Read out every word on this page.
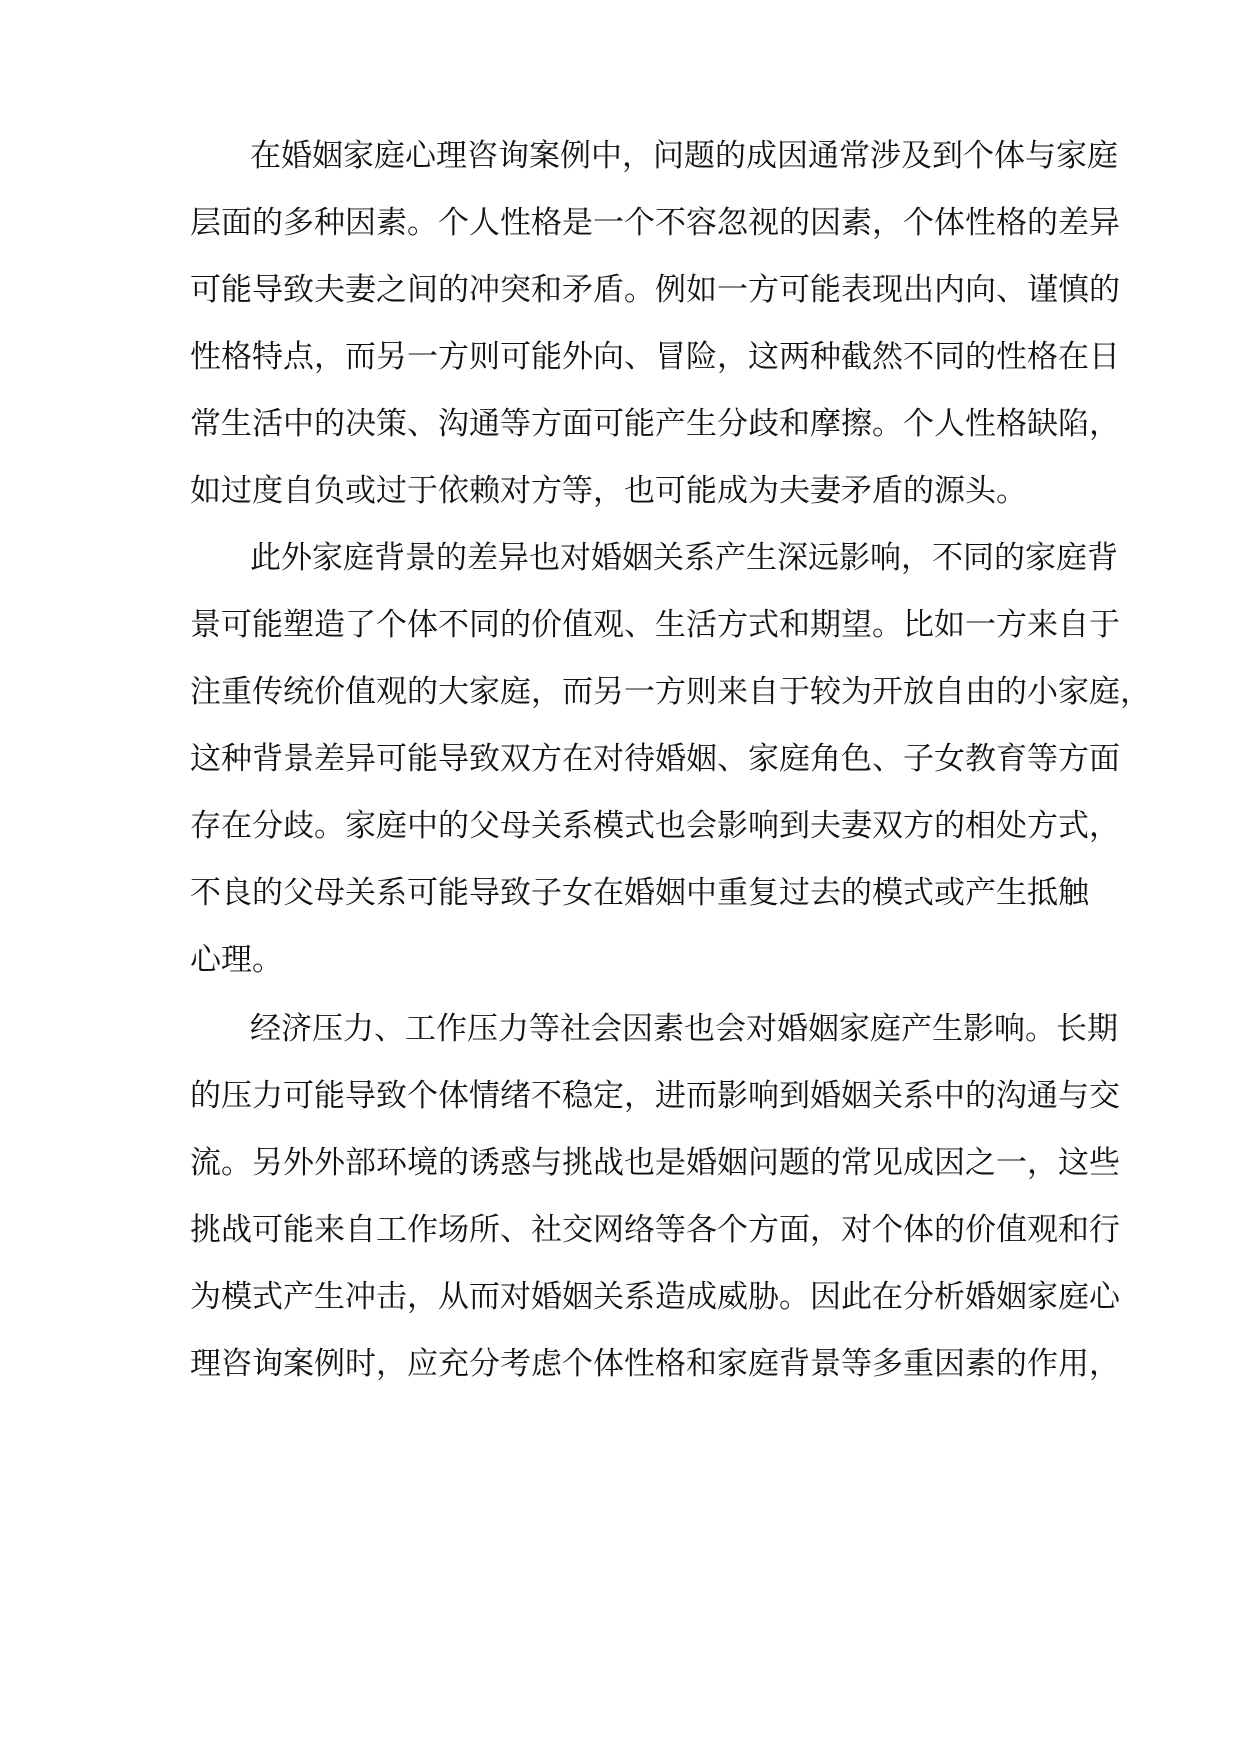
在婚姻家庭心理咨询案例中，问题的成因通常涉及到个体与家庭

层面的多种因素。个人性格是一个不容忽视的因素，个体性格的差异

可能导致夫妻之间的冲突和矛盾。例如一方可能表现出内向、谨慎的

性格特点，而另一方则可能外向、冒险，这两种截然不同的性格在日

常生活中的决策、沟通等方面可能产生分歧和摩擦。个人性格缺陷，

如过度自负或过于依赖对方等，也可能成为夫妻矛盾的源头。

此外家庭背景的差异也对婚姻关系产生深远影响，不同的家庭背

景可能塑造了个体不同的价值观、生活方式和期望。比如一方来自于

注重传统价值观的大家庭，而另一方则来自于较为开放自由的小家庭，

这种背景差异可能导致双方在对待婚姻、家庭角色、子女教育等方面

存在分歧。家庭中的父母关系模式也会影响到夫妻双方的相处方式，

不良的父母关系可能导致子女在婚姻中重复过去的模式或产生抵触

心理。

经济压力、工作压力等社会因素也会对婚姻家庭产生影响。长期

的压力可能导致个体情绪不稳定，进而影响到婚姻关系中的沟通与交

流。另外外部环境的诱惑与挑战也是婚姻问题的常见成因之一，这些

挑战可能来自工作场所、社交网络等各个方面，对个体的价值观和行

为模式产生冲击，从而对婚姻关系造成威胁。因此在分析婚姻家庭心

理咨询案例时，应充分考虑个体性格和家庭背景等多重因素的作用，
